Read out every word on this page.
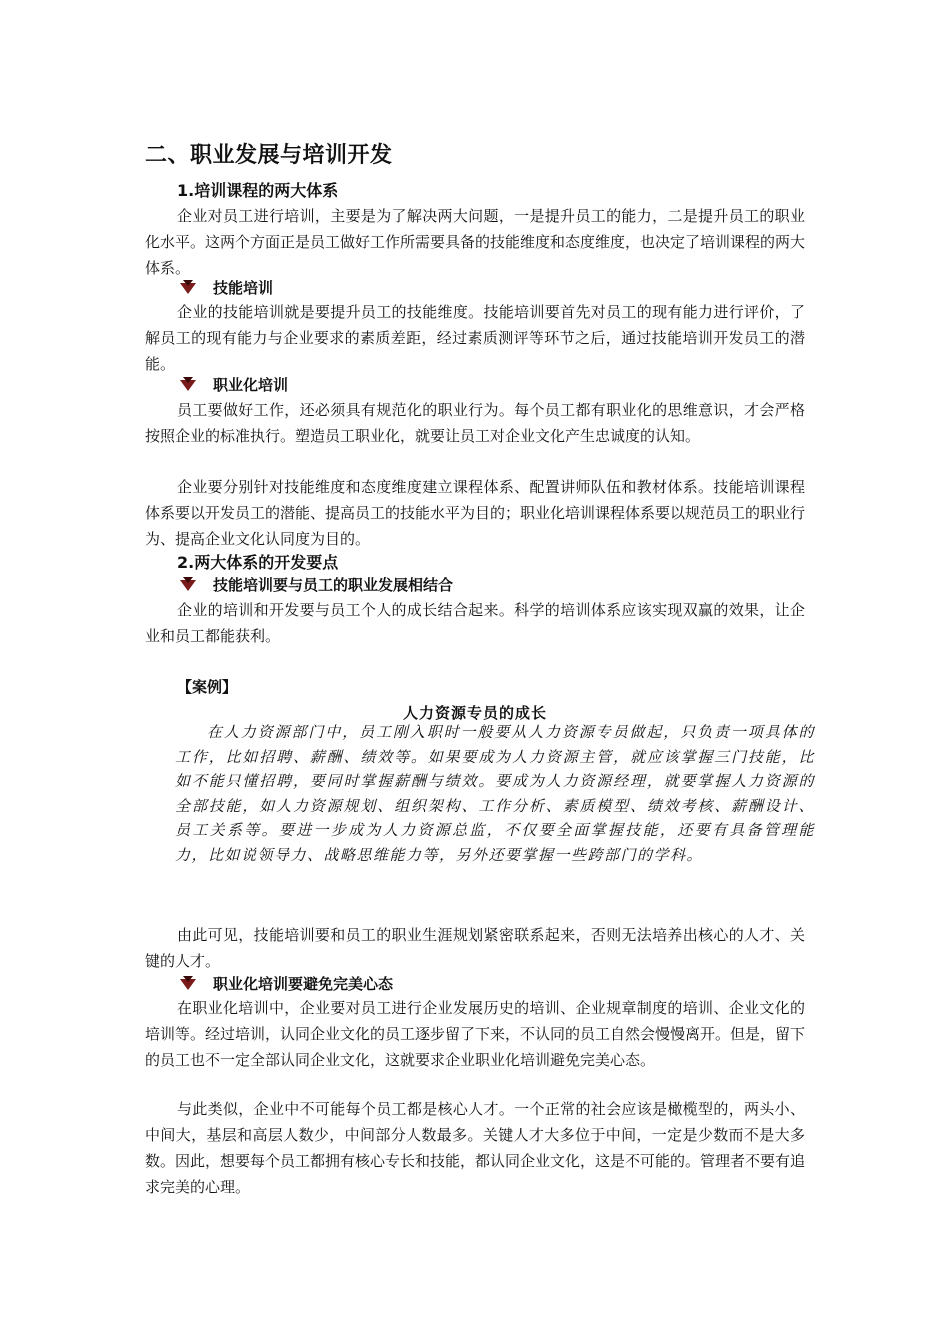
二、职业发展与培训开发
1.培训课程的两大体系

企业对员工进行培训，主要是为了解决两大问题，一是提升员工的能力，二是提升员工的职业化水平。这两个方面正是员工做好工作所需要具备的技能维度和态度维度，也决定了培训课程的两大体系。

技能培训

企业的技能培训就是要提升员工的技能维度。技能培训要首先对员工的现有能力进行评价，了解员工的现有能力与企业要求的素质差距，经过素质测评等环节之后，通过技能培训开发员工的潜能。

职业化培训

员工要做好工作，还必须具有规范化的职业行为。每个员工都有职业化的思维意识，才会严格按照企业的标准执行。塑造员工职业化，就要让员工对企业文化产生忠诚度的认知。

企业要分别针对技能维度和态度维度建立课程体系、配置讲师队伍和教材体系。技能培训课程体系要以开发员工的潜能、提高员工的技能水平为目的；职业化培训课程体系要以规范员工的职业行为、提高企业文化认同度为目的。

2.两大体系的开发要点
技能培训要与员工的职业发展相结合

企业的培训和开发要与员工个人的成长结合起来。科学的培训体系应该实现双赢的效果，让企业和员工都能获利。

【案例】
人力资源专员的成长

在人力资源部门中，员工刚入职时一般要从人力资源专员做起，只负责一项具体的工作，比如招聘、薪酬、绩效等。如果要成为人力资源主管，就应该掌握三门技能，比如不能只懂招聘，要同时掌握薪酬与绩效。要成为人力资源经理，就要掌握人力资源的全部技能，如人力资源规划、组织架构、工作分析、素质模型、绩效考核、薪酬设计、员工关系等。要进一步成为人力资源总监，不仅要全面掌握技能，还要有具备管理能力，比如说领导力、战略思维能力等，另外还要掌握一些跨部门的学科。

由此可见，技能培训要和员工的职业生涯规划紧密联系起来，否则无法培养出核心的人才、关键的人才。

职业化培训要避免完美心态

在职业化培训中，企业要对员工进行企业发展历史的培训、企业规章制度的培训、企业文化的培训等。经过培训，认同企业文化的员工逐步留了下来，不认同的员工自然会慢慢离开。但是，留下的员工也不一定全部认同企业文化，这就要求企业职业化培训避免完美心态。

与此类似，企业中不可能每个员工都是核心人才。一个正常的社会应该是橄榄型的，两头小、中间大，基层和高层人数少，中间部分人数最多。关键人才大多位于中间，一定是少数而不是大多数。因此，想要每个员工都拥有核心专长和技能，都认同企业文化，这是不可能的。管理者不要有追求完美的心理。
